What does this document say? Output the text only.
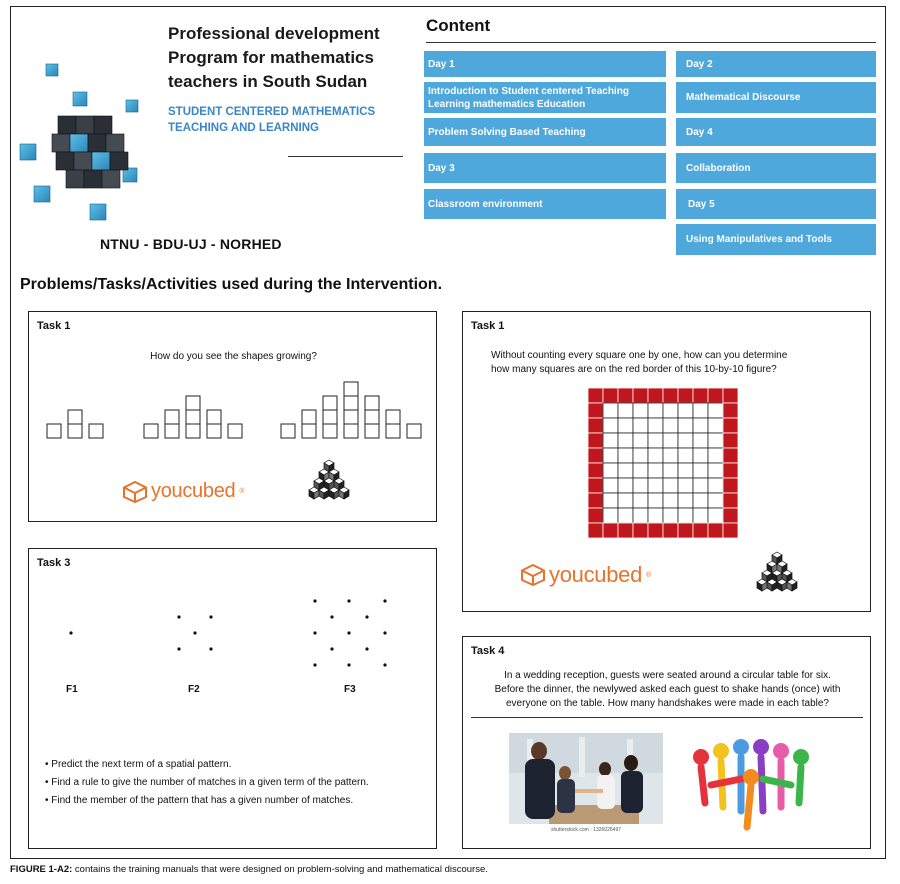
Professional development Program for mathematics teachers in South Sudan
STUDENT CENTERED MATHEMATICS TEACHING AND LEARNING
NTNU - BDU-UJ - NORHED
Content
Day 1
Introduction to Student centered Teaching Learning mathematics Education
Problem Solving Based Teaching
Day 3
Classroom environment
Day 2
Mathematical Discourse
Day 4
Collaboration
Day 5
Using Manipulatives and Tools
Problems/Tasks/Activities used during the Intervention.
Task 1
How do you see the shapes growing?
youcubed ®
Task 1
Without counting every square one by one, how can you determine
how many squares are on the red border of this 10-by-10 figure?
youcubed ®
Task 3
F1	F2	F3
• Predict the next term of a spatial pattern.
• Find a rule to give the number of matches in a given term of the pattern.
• Find the member of the pattern that has a given number of matches.
Task 4
In a wedding reception, guests were seated around a circular table for six.
Before the dinner, the newlywed asked each guest to shake hands (once) with
everyone on the table. How many handshakes were made in each table?
shutterstock.com · 1326026497
FIGURE 1-A2: contains the training manuals that were designed on problem-solving and mathematical discourse.
